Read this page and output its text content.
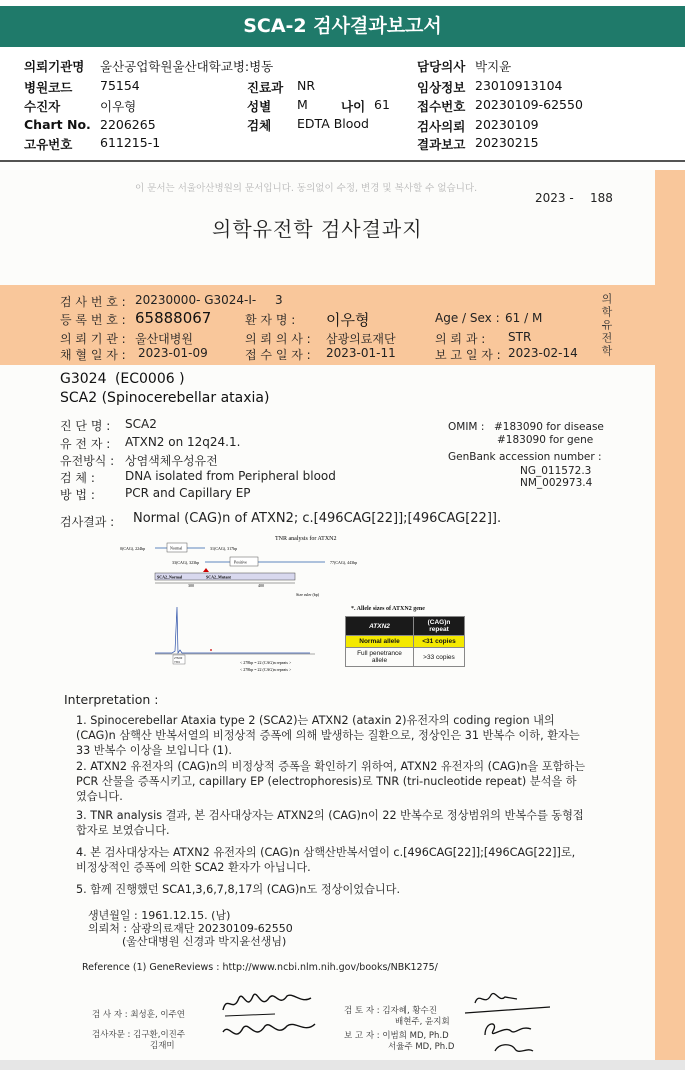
SCA-2 검사결과보고서
의뢰기관명 울산공업학원울산대학교병:병동
병원코드 75154
수진자	이우형
Chart No. 2206265
고유번호 611215-1
진료과 NR
성별 M	나이 61
검체 EDTA Blood
담당의사 박지윤
임상정보 23010913104
접수번호 20230109-62550
검사의뢰 20230109
결과보고 20230215
이 문서는 서울아산병원의 문서입니다. 동의없이 수정, 변경 및 복사할 수 없습니다.
2023 - 188
의학유전학 검사결과지
의학유전학
검 사 번 호 : 20230000- G3024-I- 3
등 록 번 호 : 65888067	환 자 명 : 이우형	Age / Sex : 61 / M
의 뢰 기 관 : 울산대병원	의 뢰 의 사 : 삼광의료재단	의 뢰 과 : STR
채 혈 일 자 : 2023-01-09	접 수 일 자 : 2023-01-11	보 고 일 자 : 2023-02-14
G3024 (EC0006 )
SCA2 (Spinocerebellar ataxia)
진 단 명 : SCA2
유 전 자 : ATXN2 on 12q24.1.
유전방식 : 상염색체우성유전
검 체 :	DNA isolated from Peripheral blood
방 법 :	PCR and Capillary EP
OMIM : #183090 for disease
#183090 for gene
GenBank accession number :
NG_011572.3
NM_002973.4
검사결과 : Normal (CAG)n of ATXN2; c.[496CAG[22]];[496CAG[22]].
TNR analysis for ATXN2
0(CAG), 224bp	Normal	31(CAG), 317bp
33(CAG), 323bp	Positive	77(CAG), 443bp
SCA2_Normal	SCA2_Mutant
300	400
Size ruler (bp)
278.60
7391	< 278bp = 22 (CAG)n repeats >
< 278bp = 22 (CAG)n repeats >
*. Allele sizes of ATXN2 gene
ATXN2	(CAG)n repeat
Normal allele	<31 copies
Full penetrance allele	>33 copies
Interpretation :
1. Spinocerebellar Ataxia type 2 (SCA2)는 ATXN2 (ataxin 2)유전자의 coding region 내의 (CAG)n 삼핵산 반복서열의 비정상적 증폭에 의해 발생하는 질환으로, 정상인은 31 반복수 이하, 환자는 33 반복수 이상을 보입니다 (1).
2. ATXN2 유전자의 (CAG)n의 비정상적 증폭을 확인하기 위하여, ATXN2 유전자의 (CAG)n을 포함하는 PCR 산물을 증폭시키고, capillary EP (electrophoresis)로 TNR (tri-nucleotide repeat) 분석을 하였습니다.
3. TNR analysis 결과, 본 검사대상자는 ATXN2의 (CAG)n이 22 반복수로 정상범위의 반복수를 동형접합자로 보였습니다.
4. 본 검사대상자는 ATXN2 유전자의 (CAG)n 삼핵산반복서열이 c.[496CAG[22]];[496CAG[22]]로, 비정상적인 증폭에 의한 SCA2 환자가 아닙니다.
5. 함께 진행했던 SCA1,3,6,7,8,17의 (CAG)n도 정상이었습니다.
생년월일 : 1961.12.15. (남)
의뢰처 : 삼광의료재단 20230109-62550
(울산대병원 신경과 박지윤선생님)
Reference (1) GeneReviews : http://www.ncbi.nlm.nih.gov/books/NBK1275/
검 사 자 : 최성훈, 이주연
검사자문 : 김구환,이진주
김재미
검 토 자 : 김자혜, 황수진
배현주, 윤지회
보 고 자 : 이범희 MD, Ph.D
서율주 MD, Ph.D
